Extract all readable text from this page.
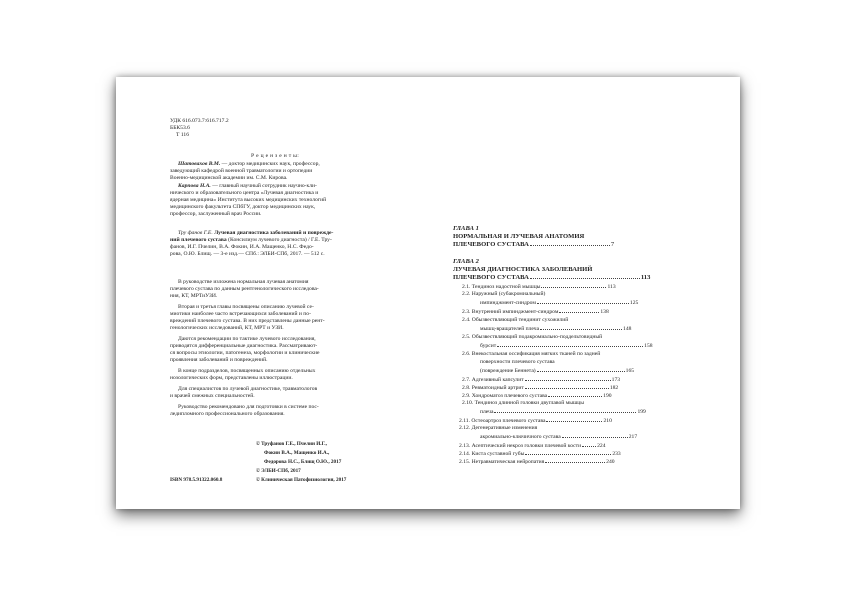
УДК 616.073.7:616.717.2
ББК53.6
Т 116
Р е ц е н з е н т ы:
Шатовахов В.М. — доктор медицинских наук, профессор,
заведующий кафедрой военной травматологии и ортопедии
Военно-медицинской академии им. С.М. Кирова.
Карпова Н.А. — главный научный сотрудник научно-кли-
нического и образовательного центра «Лучевая диагностика и
ядерная медицина» Института высоких медицинских технологий
медицинского факультета СПбГУ, доктор медицинских наук,
профессор, заслуженный врач России.
Тру фанов Г.Е. Лучевая диагностика заболеваний и поврежде-
ний плечевого сустава (Консилиум лучевого диагноста) / Г.Е. Тру-
фанов, И.Г. Пчелин, В.А. Фокин, И.А. Мащенко, Н.С. Федо-
рова, О.Ю. Блищ. — 3-е изд.— СПб.: ЭЛБИ-СПб, 2017. — 512 с.
В руководстве изложена нормальная лучевая анатомия
плечевого сустава по данным рентгенологического исследова-
ния, КТ, МРТиУЗИ.
Вторая и третья главы посвящены описанию лучевой се-
миотики наиболее часто встречающихся заболеваний и по-
вреждений плечевого сустава. В них представлены данные рент-
генологических исследований, КТ, МРТ и УЗИ.
Даются рекомендации по тактике лучевого исследования,
приводятся дифференциальные диагностика. Рассматривают-
ся вопросы этиологии, патогенеза, морфологии и клинические
проявления заболеваний и повреждений.
В конце подразделов, посвященных описанию отдельных
нозологических форм, представлены иллюстрации.
Для специалистов по лучевой диагностике, травматологов
и врачей смежных специальностей.
Руководство рекомендовано для подготовки в системе пос-
ледипломного профессионального образования.
© Труфанов Г.Е., Пчелин И.Г.,
Фокин В.А., Мащенко И.А.,
Федорова Н.С., Блищ О.Ю., 2017
© ЭЛБИ-СПб, 2017
ISBN 978.5.91322.060.8	© Клиническая Патофизиология, 2017
ГЛАВА 1
НОРМАЛЬНАЯ И ЛУЧЕВАЯ АНАТОМИЯ
ПЛЕЧЕВОГО СУСТАВА	7
ГЛАВА 2
ЛУЧЕВАЯ ДИАГНОСТИКА ЗАБОЛЕВАНИЙ
ПЛЕЧЕВОГО СУСТАВА	113
2.1. Тендиноз надостной мышцы	113
2.2. Наружный (субакромиальный)
импинджмент-синдром	125
2.3. Внутренний импинджмент-синдром	138
2.4. Обызвествляющий тендинит сухожилий
мышц-вращателей плеча	148
2.5. Обызвествляющий подакромиально-поддельтовидный
бурсит	158
2.6. Внекостальная оссификация мягких тканей по задней
поверхности плечевого сустава
(повреждение Беннета)	165
2.7. Адгезивный капсулит	173
2.8. Ревматоидный артрит	182
2.9. Хондроматоз плечевого сустава	190
2.10. Тендиноз длинной головки двуглавой мышцы
плеча	199
2.11. Остеоартроз плечевого сустава	210
2.12. Дегенеративные изменения
акромиально-ключичного сустава	217
2.13. Асептический некроз головки плечевой кости	224
2.14. Киста суставной губы	233
2.15. Нетравматическая нейропатия	240
